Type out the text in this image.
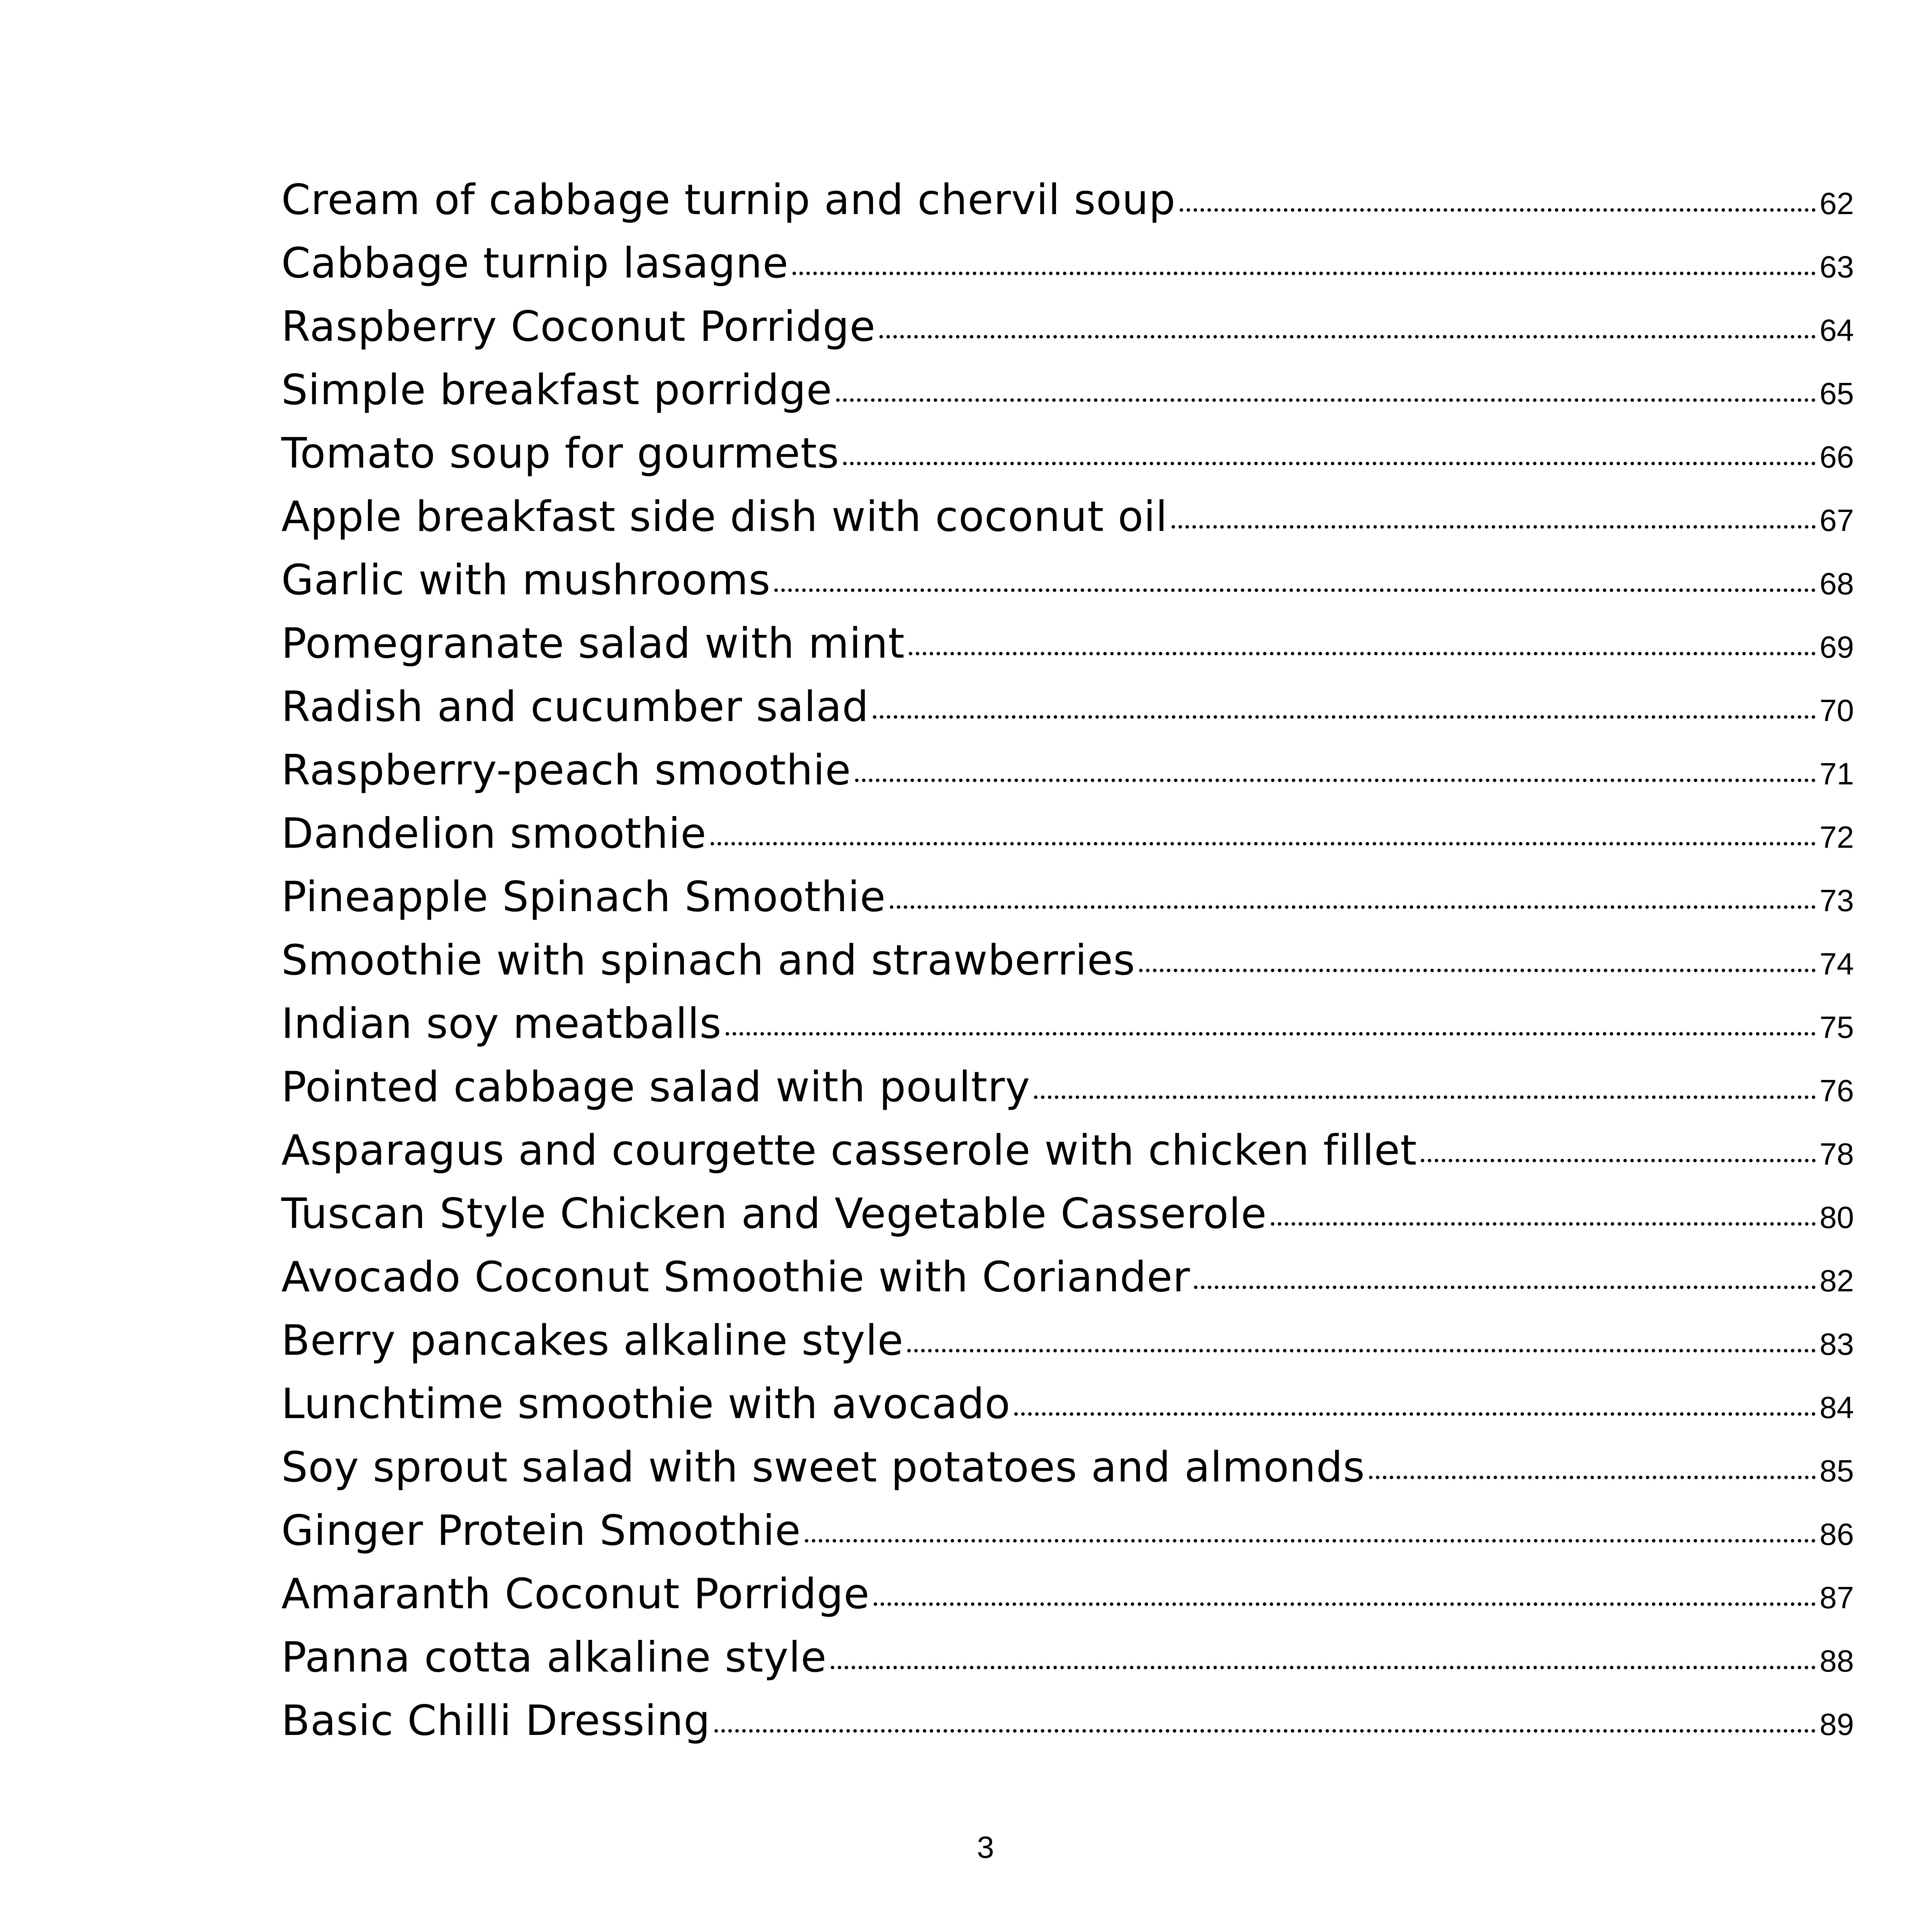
Cream of cabbage turnip and chervil soup	62
Cabbage turnip lasagne	63
Raspberry Coconut Porridge	64
Simple breakfast porridge	65
Tomato soup for gourmets	66
Apple breakfast side dish with coconut oil	67
Garlic with mushrooms	68
Pomegranate salad with mint	69
Radish and cucumber salad	70
Raspberry-peach smoothie	71
Dandelion smoothie	72
Pineapple Spinach Smoothie	73
Smoothie with spinach and strawberries	74
Indian soy meatballs	75
Pointed cabbage salad with poultry	76
Asparagus and courgette casserole with chicken fillet	78
Tuscan Style Chicken and Vegetable Casserole	80
Avocado Coconut Smoothie with Coriander	82
Berry pancakes alkaline style	83
Lunchtime smoothie with avocado	84
Soy sprout salad with sweet potatoes and almonds	85
Ginger Protein Smoothie	86
Amaranth Coconut Porridge	87
Panna cotta alkaline style	88
Basic Chilli Dressing	89
3
